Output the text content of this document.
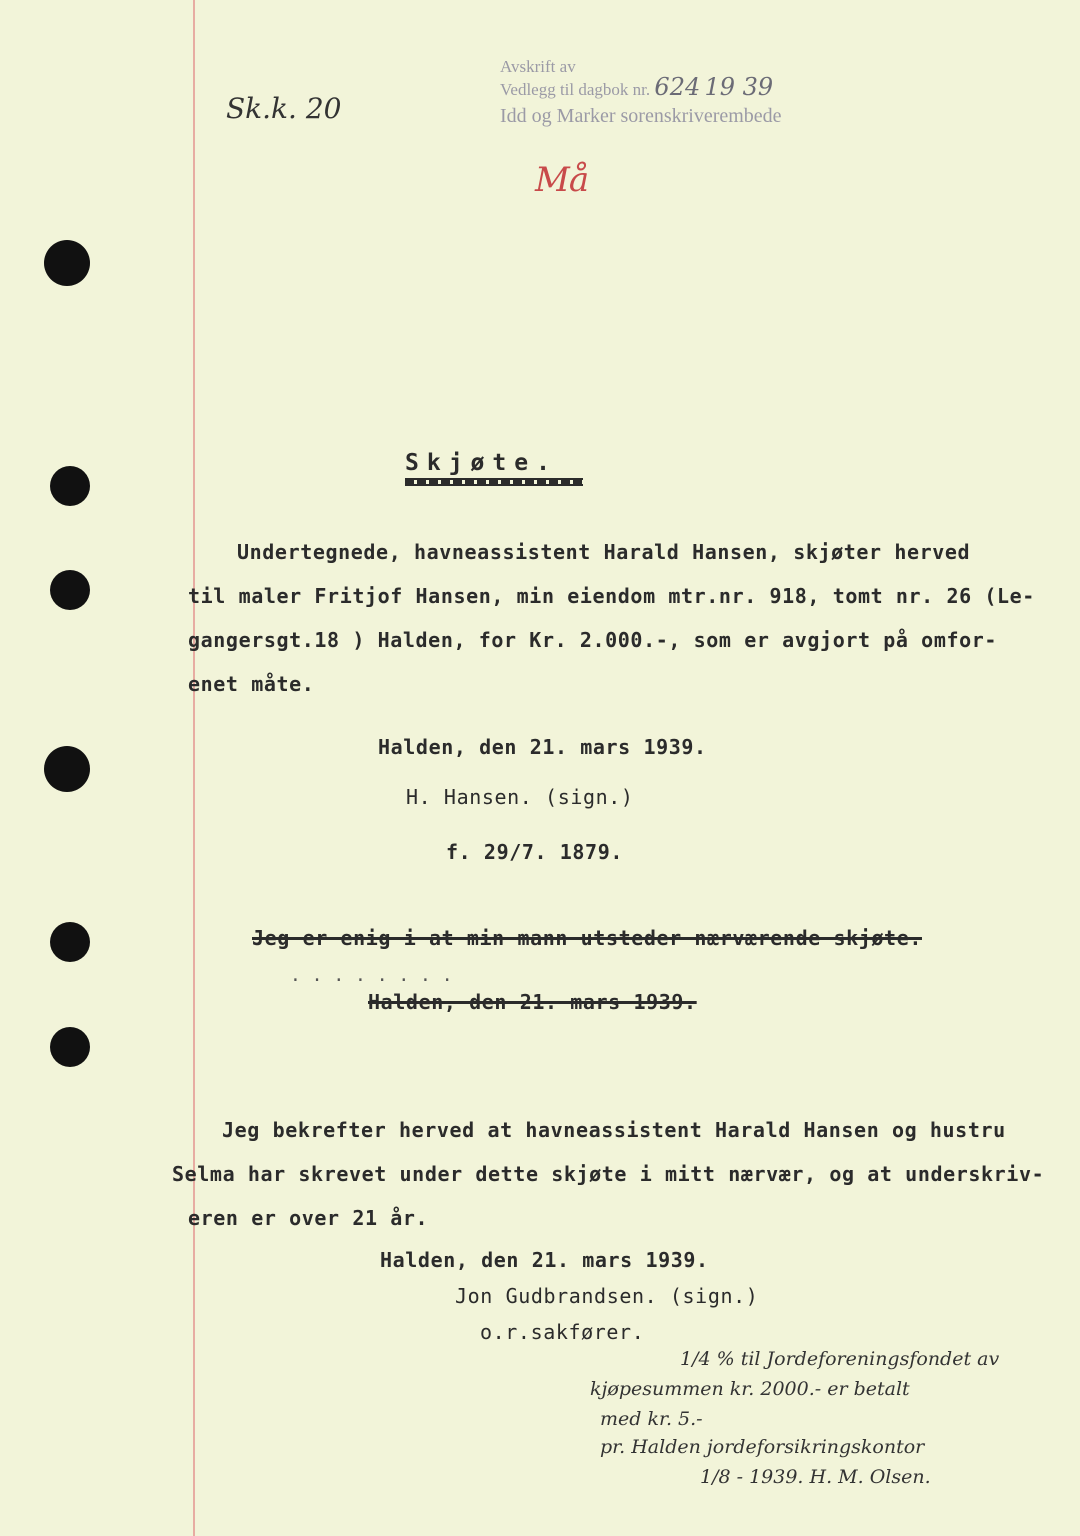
Avskrift av
Vedlegg til dagbok nr. 624 19 39
Idd og Marker sorenskriverembede
Sk.k. 20
Må
Skjøte.
Undertegnede, havneassistent Harald Hansen, skjøter herved
til maler Fritjof Hansen, min eiendom mtr.nr. 918, tomt nr. 26 (Le-
gangersgt.18 ) Halden, for Kr. 2.000.-, som er avgjort på omfor-
enet måte.
Halden, den 21. mars 1939.
H. Hansen. (sign.)
f. 29/7. 1879.
Jeg er enig i at min mann utsteder nærværende skjøte.
· · · · · · · ·
Halden, den 21. mars 1939.
Jeg bekrefter herved at havneassistent Harald Hansen og hustru
Selma har skrevet under dette skjøte i mitt nærvær, og at underskriv-
eren er over 21 år.
Halden, den 21. mars 1939.
Jon Gudbrandsen. (sign.)
o.r.sakfører.
1/4 % til Jordeforeningsfondet av
kjøpesummen kr. 2000.- er betalt
med kr. 5.-
pr. Halden jordeforsikringskontor
1/8 - 1939. H. M. Olsen.
